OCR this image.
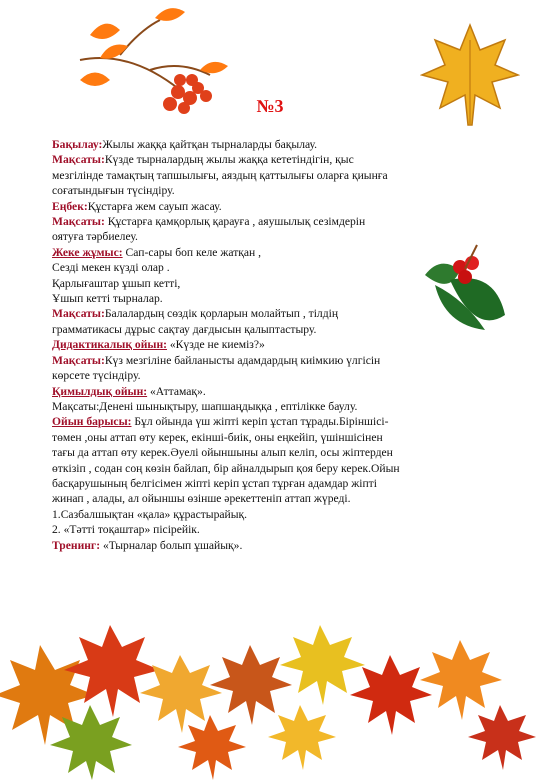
№3
Бақылау:Жылы жаққа қайтқан тырналарды бақылау.
Мақсаты:Күзде тырналардың жылы жаққа кететіндігін, қыс
мезгілінде тамақтың тапшылығы, аяздың қаттылығы оларға қиынға
соғатындығын түсіндіру.
Еңбек:Құстарға жем сауып жасау.
Мақсаты: Құстарға қамқорлық қарауға , аяушылық сезімдерін
оятуға тәрбиелеу.
Жеке жұмыс: Сап-сары боп келе жатқан ,
Сезді мекен күзді олар .
Қарлығаштар ұшып кетті,
Ұшып кетті тырналар.
Мақсаты:Балалардың сөздік қорларын молайтып , тілдің
грамматикасы дұрыс сақтау дағдысын қалыптастыру.
Дидактикалық ойын: «Күзде не киеміз?»
Мақсаты:Күз мезгіліне байланысты адамдардың киімкию үлгісін
көрсете түсіндіру.
Қимылдық ойын: «Аттамақ».
Мақсаты:Денені шынықтыру, шапшаңдыққа , ептілікке баулу.
Ойын барысы: Бұл ойында үш жіпті керіп ұстап тұрады.Біріншісі-
төмен ,оны аттап өту керек, екінші-биік, оны еңкейіп, үшіншісінен
тағы да аттап өту керек.Әуелі ойыншыны алып келіп, осы жіптерден
өткізіп , содан соң көзін байлап, бір айналдырып қоя беру керек.Ойын
басқарушының белгісімен жіпті керіп ұстап тұрған адамдар жіпті
жинап , алады, ал ойыншы өзінше әрекеттеніп аттап жүреді.
1.Сазбалшықтан «қала» құрастырайық.
2. «Тәтті тоқаштар» пісірейік.
Тренинг: «Тырналар болып ұшайық».
